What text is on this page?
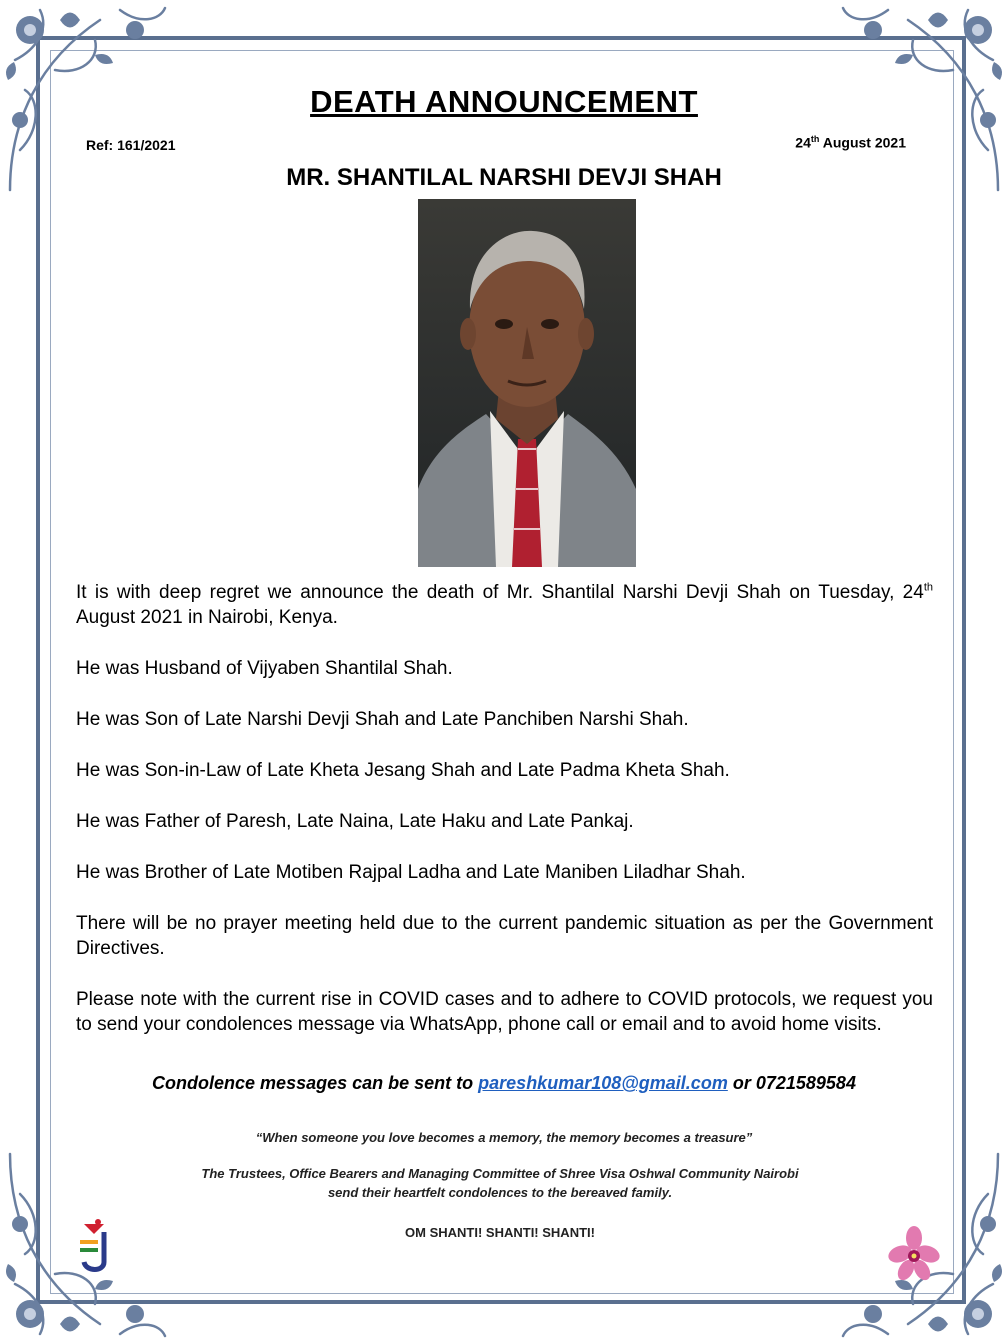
DEATH ANNOUNCEMENT
Ref: 161/2021	24th August 2021
MR. SHANTILAL NARSHI DEVJI SHAH

It is with deep regret we announce the death of Mr. Shantilal Narshi Devji Shah on Tuesday, 24th August 2021 in Nairobi, Kenya.

He was Husband of Vijyaben Shantilal Shah.

He was Son of Late Narshi Devji Shah and Late Panchiben Narshi Shah.

He was Son-in-Law of Late Kheta Jesang Shah and Late Padma Kheta Shah.

He was Father of Paresh, Late Naina, Late Haku and Late Pankaj.

He was Brother of Late Motiben Rajpal Ladha and Late Maniben Liladhar Shah.

There will be no prayer meeting held due to the current pandemic situation as per the Government Directives.

Please note with the current rise in COVID cases and to adhere to COVID protocols, we request you to send your condolences message via WhatsApp, phone call or email and to avoid home visits.

Condolence messages can be sent to pareshkumar108@gmail.com or 0721589584
“When someone you love becomes a memory, the memory becomes a treasure”
The Trustees, Office Bearers and Managing Committee of Shree Visa Oshwal Community Nairobi
send their heartfelt condolences to the bereaved family.
OM SHANTI! SHANTI! SHANTI!
